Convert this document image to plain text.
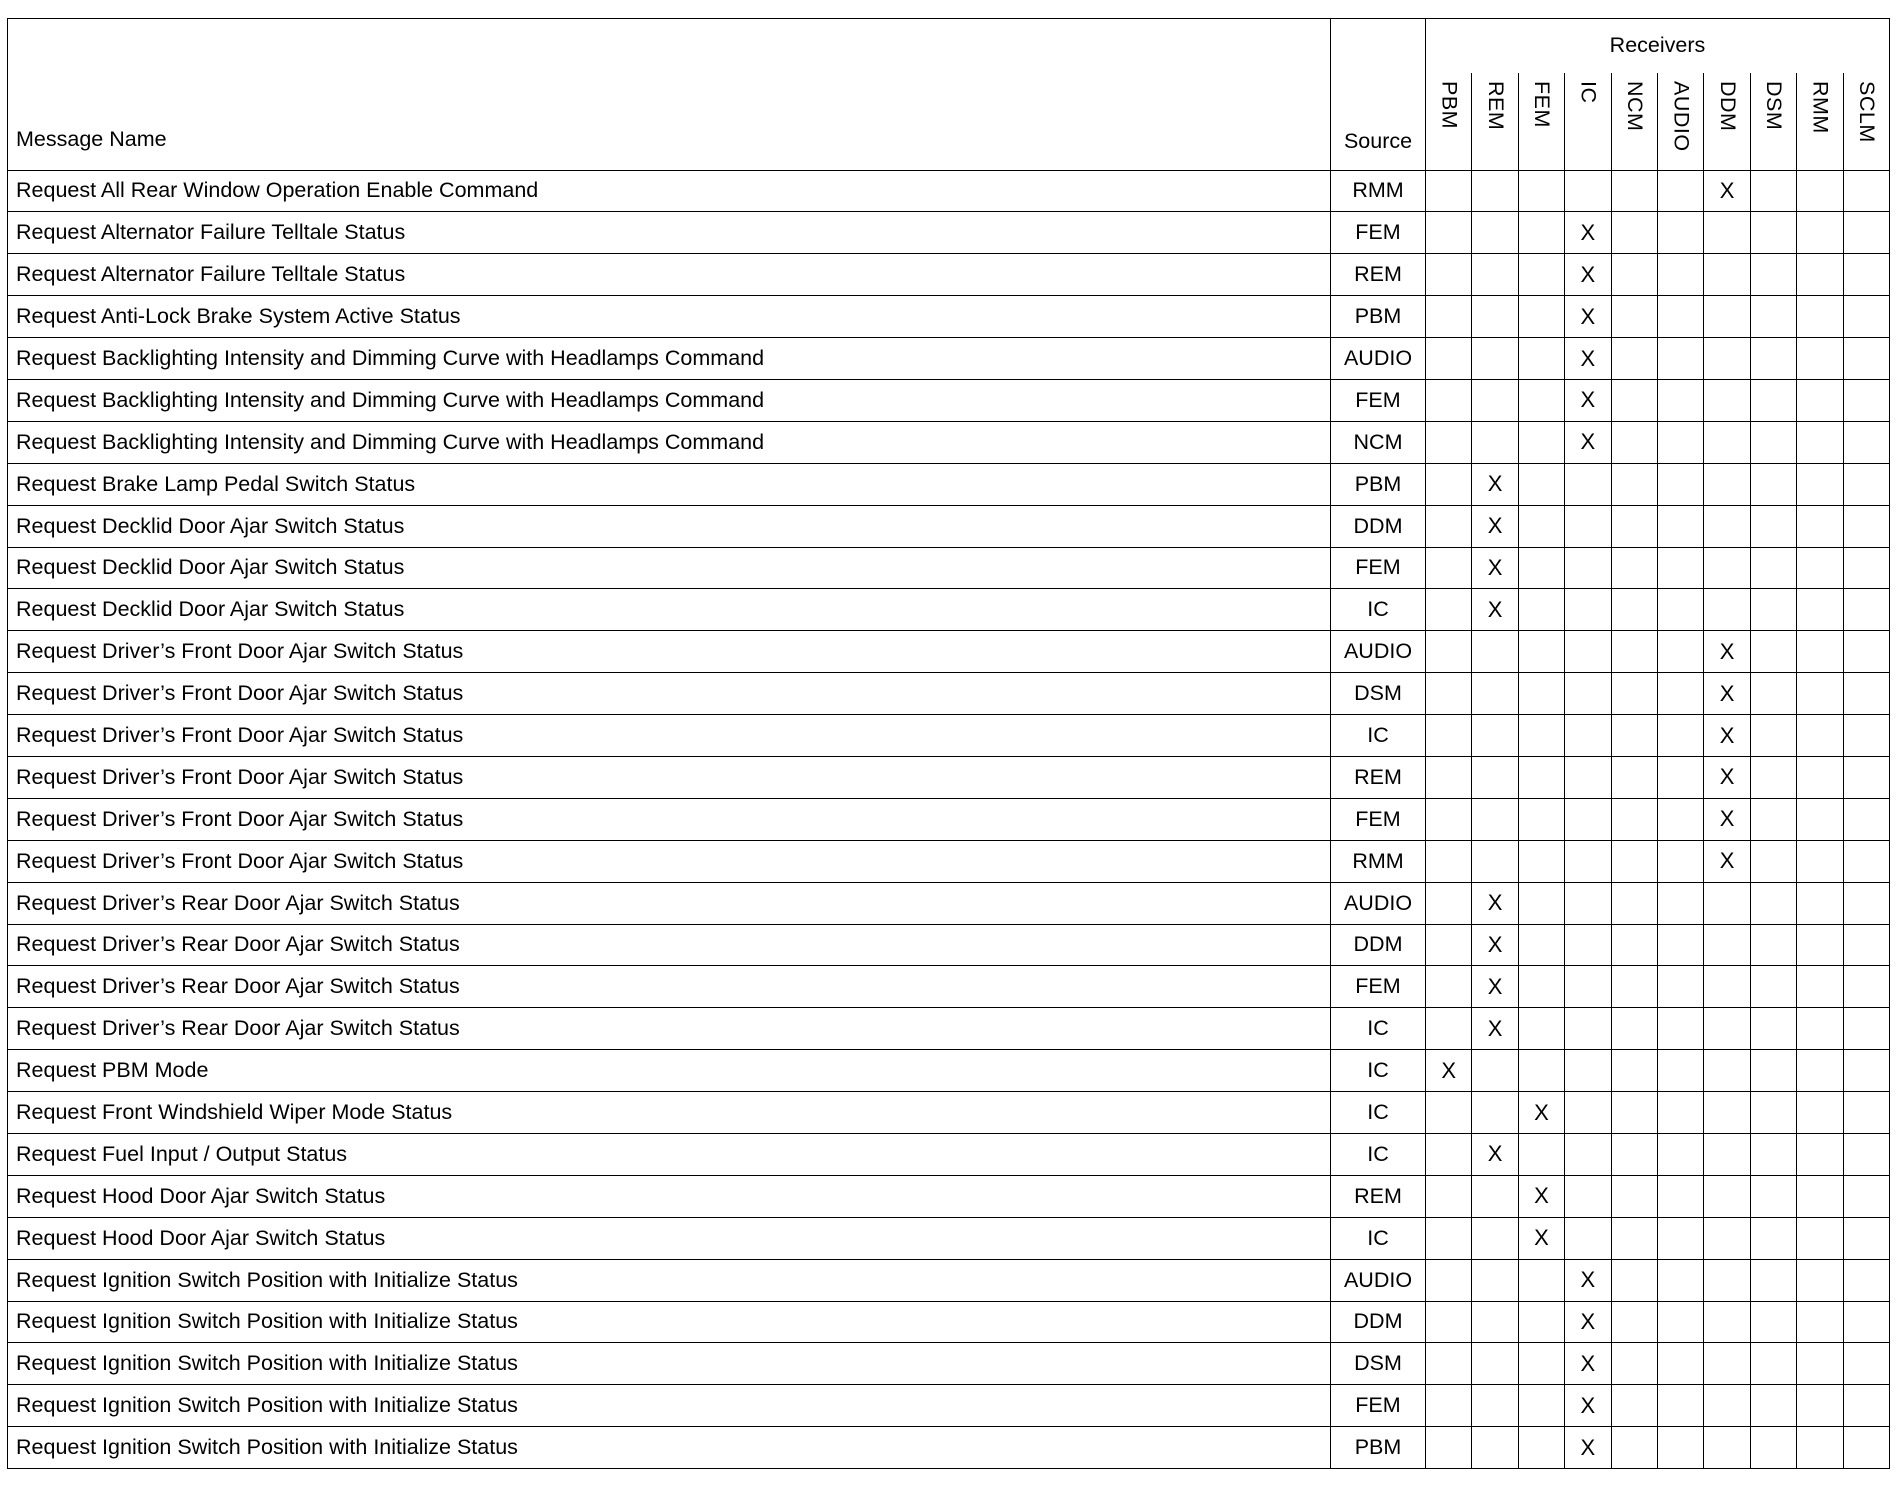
Message Name	Source	Receivers									
		PBM	REM	FEM	IC	NCM	AUDIO	DDM	DSM	RMM	SCLM
Request All Rear Window Operation Enable Command	RMM							X			
Request Alternator Failure Telltale Status	FEM				X						
Request Alternator Failure Telltale Status	REM				X						
Request Anti-Lock Brake System Active Status	PBM				X						
Request Backlighting Intensity and Dimming Curve with Headlamps Command	AUDIO				X						
Request Backlighting Intensity and Dimming Curve with Headlamps Command	FEM				X						
Request Backlighting Intensity and Dimming Curve with Headlamps Command	NCM				X						
Request Brake Lamp Pedal Switch Status	PBM		X								
Request Decklid Door Ajar Switch Status	DDM		X								
Request Decklid Door Ajar Switch Status	FEM		X								
Request Decklid Door Ajar Switch Status	IC		X								
Request Driver’s Front Door Ajar Switch Status	AUDIO							X			
Request Driver’s Front Door Ajar Switch Status	DSM							X			
Request Driver’s Front Door Ajar Switch Status	IC							X			
Request Driver’s Front Door Ajar Switch Status	REM							X			
Request Driver’s Front Door Ajar Switch Status	FEM							X			
Request Driver’s Front Door Ajar Switch Status	RMM							X			
Request Driver’s Rear Door Ajar Switch Status	AUDIO		X								
Request Driver’s Rear Door Ajar Switch Status	DDM		X								
Request Driver’s Rear Door Ajar Switch Status	FEM		X								
Request Driver’s Rear Door Ajar Switch Status	IC		X								
Request PBM Mode	IC	X									
Request Front Windshield Wiper Mode Status	IC			X							
Request Fuel Input / Output Status	IC		X								
Request Hood Door Ajar Switch Status	REM			X							
Request Hood Door Ajar Switch Status	IC			X							
Request Ignition Switch Position with Initialize Status	AUDIO				X						
Request Ignition Switch Position with Initialize Status	DDM				X						
Request Ignition Switch Position with Initialize Status	DSM				X						
Request Ignition Switch Position with Initialize Status	FEM				X						
Request Ignition Switch Position with Initialize Status	PBM				X						
